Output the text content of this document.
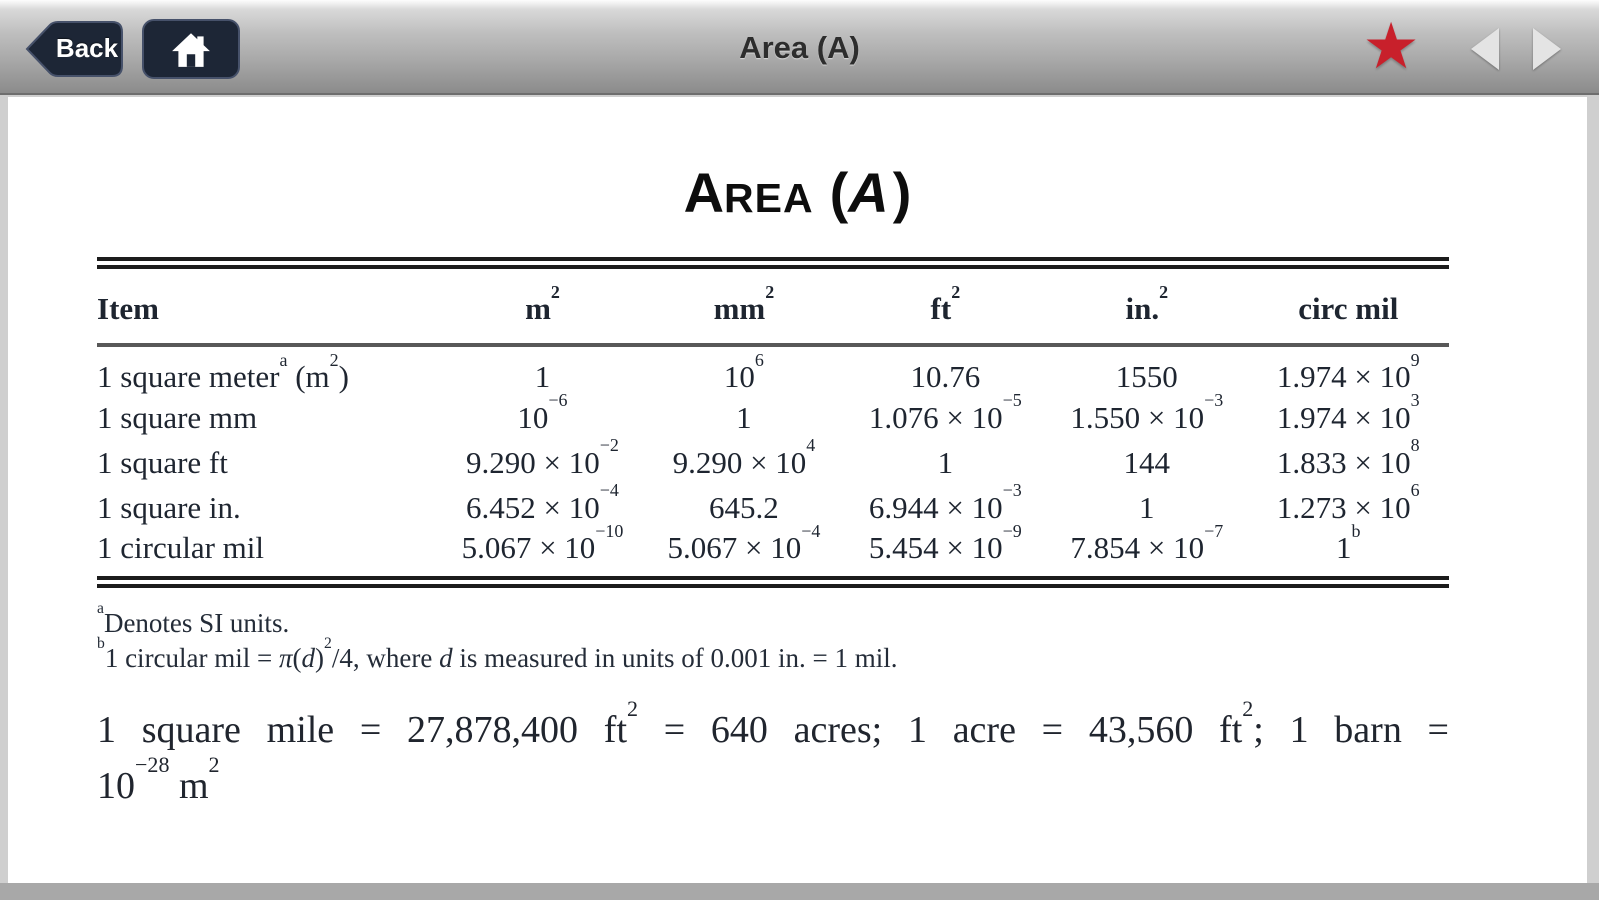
Back	Area (A)	★
AREA (A)
Item	$m^2$	$mm^2$	$ft^2$	in.$^2$	circ mil
1 square meter$^a$ $(m^2)$	1	$10^6$	10.76	1550	$1.974 \times 10^9$
1 square mm	$10^{-6}$	1	$1.076 \times 10^{-5}$	$1.550 \times 10^{-3}$	$1.974 \times 10^3$
1 square ft	$9.290 \times 10^{-2}$	$9.290 \times 10^4$	1	144	$1.833 \times 10^8$
1 square in.	$6.452 \times 10^{-4}$	645.2	$6.944 \times 10^{-3}$	1	$1.273 \times 10^6$
1 circular mil	$5.067 \times 10^{-10}$	$5.067 \times 10^{-4}$	$5.454 \times 10^{-9}$	$7.854 \times 10^{-7}$	1$^b$

$^a$Denotes SI units.

$^b$1 circular mil = $\pi(d)^2/4$, where d is measured in units of 0.001 in. = 1 mil.

1 square mile = 27,878,400 $ft^2 = 640$ acres; 1 acre = 43,560 $ft^2$; 1 barn =

$10^{-28}$ $m^2$
